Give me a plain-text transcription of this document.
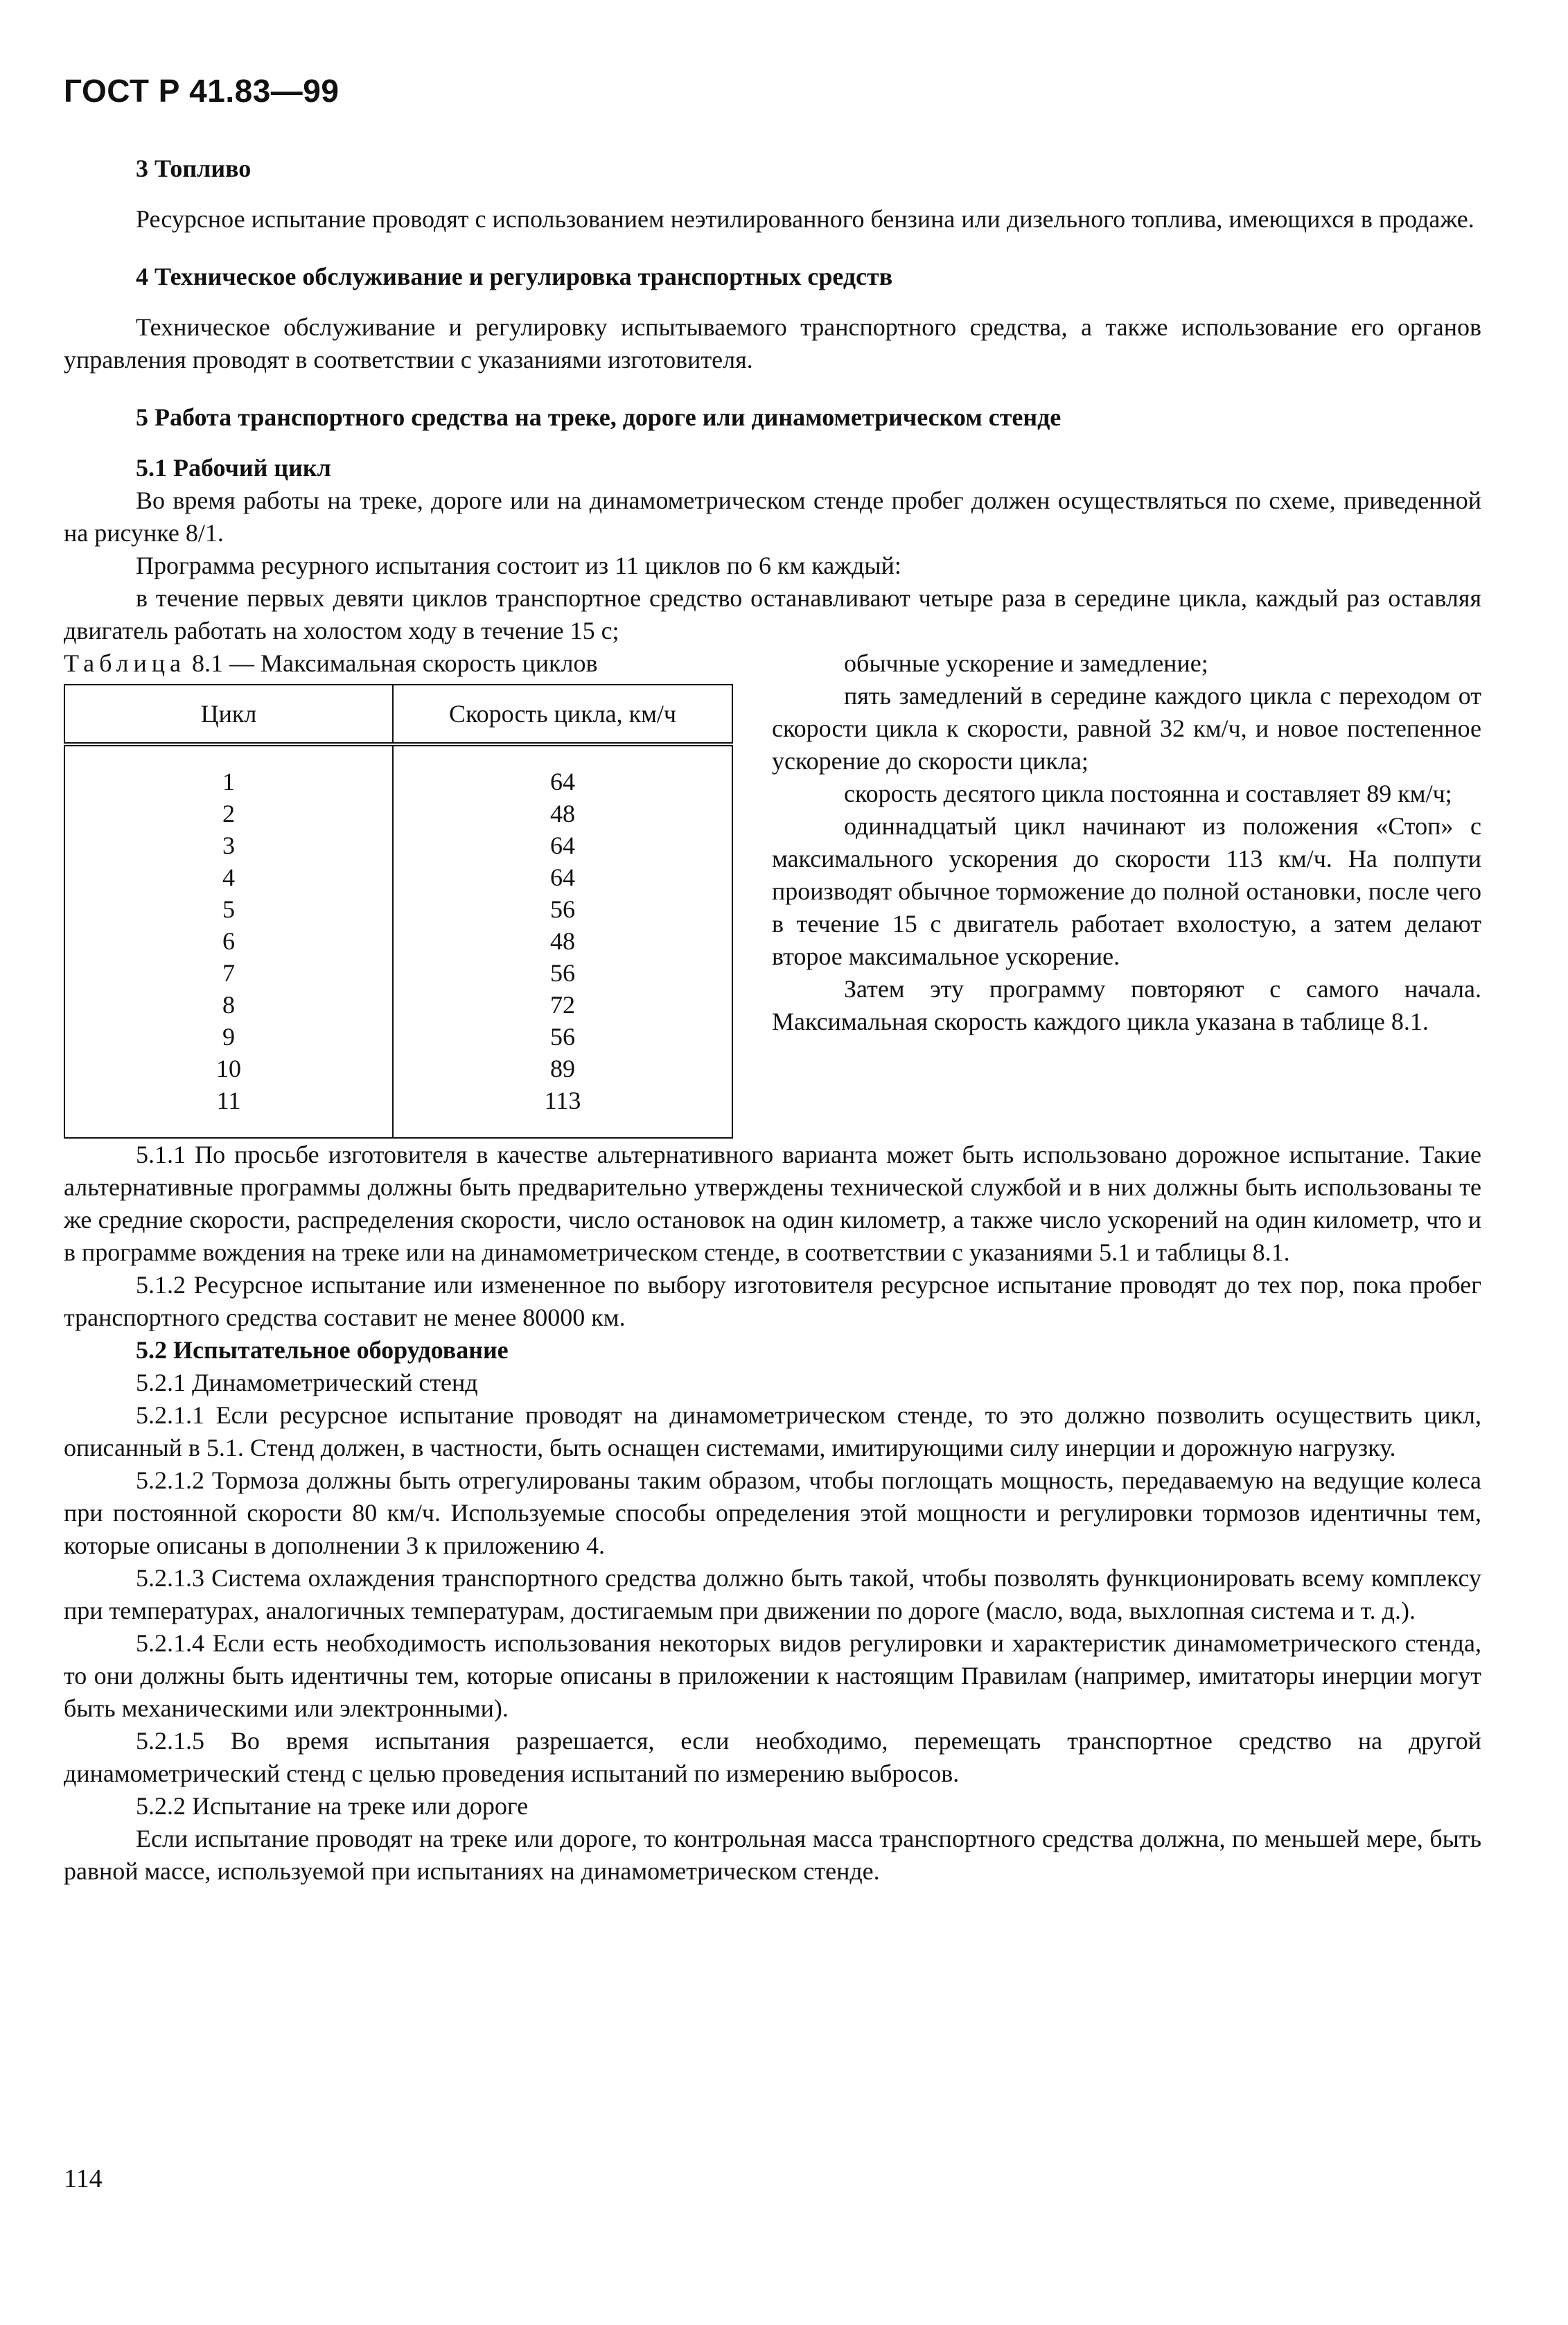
ГОСТ Р 41.83—99

3 Топливо

Ресурсное испытание проводят с использованием неэтилированного бензина или дизельного топлива, имеющихся в продаже.

4 Техническое обслуживание и регулировка транспортных средств

Техническое обслуживание и регулировку испытываемого транспортного средства, а также использование его органов управления проводят в соответствии с указаниями изготовителя.

5 Работа транспортного средства на треке, дороге или динамометрическом стенде

5.1 Рабочий цикл

Во время работы на треке, дороге или на динамометрическом стенде пробег должен осуществляться по схеме, приведенной на рисунке 8/1.

Программа ресурного испытания состоит из 11 циклов по 6 км каждый:

в течение первых девяти циклов транспортное средство останавливают четыре раза в середине цикла, каждый раз оставляя двигатель работать на холостом ходу в течение 15 с;

Таблица 8.1 — Максимальная скорость циклов

Цикл	Скорость цикла, км/ч
1	64
2	48
3	64
4	64
5	56
6	48
7	56
8	72
9	56
10	89
11	113

обычные ускорение и замедление;

пять замедлений в середине каждого цикла с переходом от скорости цикла к скорости, равной 32 км/ч, и новое постепенное ускорение до скорости цикла;

скорость десятого цикла постоянна и составляет 89 км/ч;

одиннадцатый цикл начинают из положения «Стоп» с максимального ускорения до скорости 113 км/ч. На полпути производят обычное торможение до полной остановки, после чего в течение 15 с двигатель работает вхолостую, а затем делают второе максимальное ускорение.

Затем эту программу повторяют с самого начала. Максимальная скорость каждого цикла указана в таблице 8.1.

5.1.1 По просьбе изготовителя в качестве альтернативного варианта может быть использовано дорожное испытание. Такие альтернативные программы должны быть предварительно утверждены технической службой и в них должны быть использованы те же средние скорости, распределения скорости, число остановок на один километр, а также число ускорений на один километр, что и в программе вождения на треке или на динамометрическом стенде, в соответствии с указаниями 5.1 и таблицы 8.1.

5.1.2 Ресурсное испытание или измененное по выбору изготовителя ресурсное испытание проводят до тех пор, пока пробег транспортного средства составит не менее 80000 км.

5.2 Испытательное оборудование

5.2.1 Динамометрический стенд

5.2.1.1 Если ресурсное испытание проводят на динамометрическом стенде, то это должно позволить осуществить цикл, описанный в 5.1. Стенд должен, в частности, быть оснащен системами, имитирующими силу инерции и дорожную нагрузку.

5.2.1.2 Тормоза должны быть отрегулированы таким образом, чтобы поглощать мощность, передаваемую на ведущие колеса при постоянной скорости 80 км/ч. Используемые способы определения этой мощности и регулировки тормозов идентичны тем, которые описаны в дополнении 3 к приложению 4.

5.2.1.3 Система охлаждения транспортного средства должно быть такой, чтобы позволять функционировать всему комплексу при температурах, аналогичных температурам, достигаемым при движении по дороге (масло, вода, выхлопная система и т. д.).

5.2.1.4 Если есть необходимость использования некоторых видов регулировки и характеристик динамометрического стенда, то они должны быть идентичны тем, которые описаны в приложении к настоящим Правилам (например, имитаторы инерции могут быть механическими или электронными).

5.2.1.5 Во время испытания разрешается, если необходимо, перемещать транспортное средство на другой динамометрический стенд с целью проведения испытаний по измерению выбросов.

5.2.2 Испытание на треке или дороге

Если испытание проводят на треке или дороге, то контрольная масса транспортного средства должна, по меньшей мере, быть равной массе, используемой при испытаниях на динамометрическом стенде.

114
